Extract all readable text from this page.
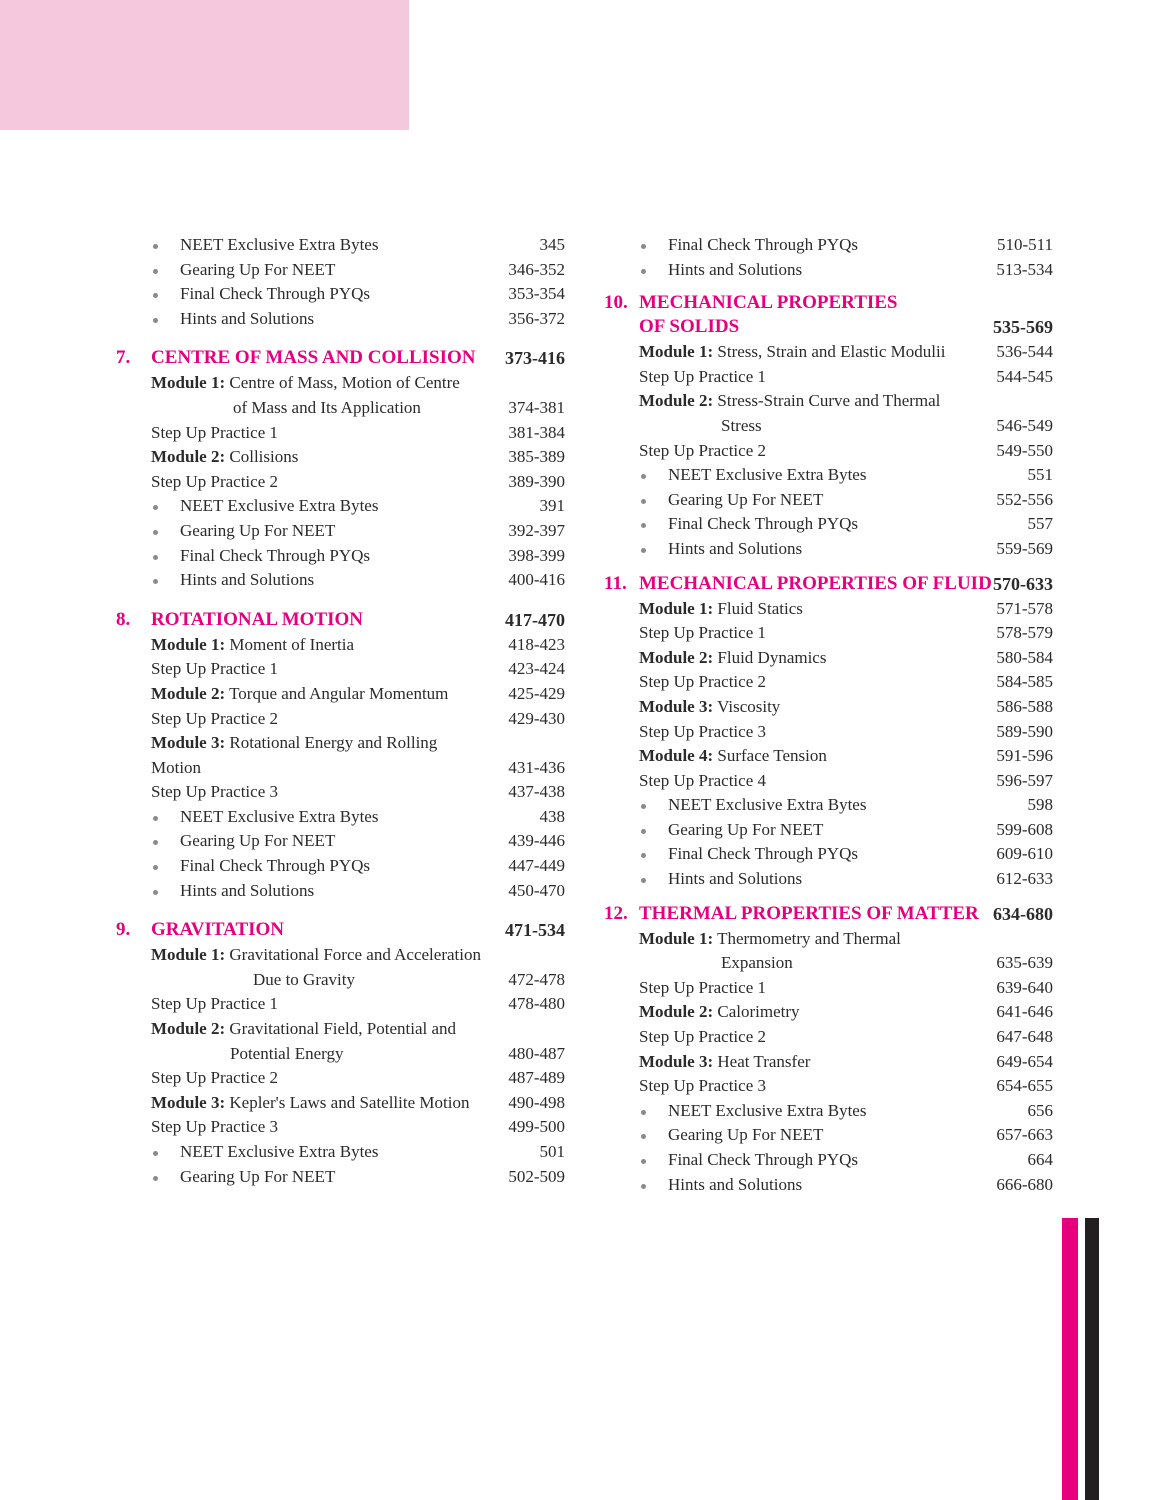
NEET Exclusive Extra Bytes	345
Gearing Up For NEET	346-352
Final Check Through PYQs	353-354
Hints and Solutions	356-372
7. CENTRE OF MASS AND COLLISION 373-416
Module 1: Centre of Mass, Motion of Centre
of Mass and Its Application	374-381
Step Up Practice 1	381-384
Module 2: Collisions	385-389
Step Up Practice 2	389-390
NEET Exclusive Extra Bytes	391
Gearing Up For NEET	392-397
Final Check Through PYQs	398-399
Hints and Solutions	400-416
8. ROTATIONAL MOTION	417-470
Module 1: Moment of Inertia	418-423
Step Up Practice 1	423-424
Module 2: Torque and Angular Momentum	425-429
Step Up Practice 2	429-430
Module 3: Rotational Energy and Rolling
Motion	431-436
Step Up Practice 3	437-438
NEET Exclusive Extra Bytes	438
Gearing Up For NEET	439-446
Final Check Through PYQs	447-449
Hints and Solutions	450-470
9. GRAVITATION	471-534
Module 1: Gravitational Force and Acceleration
Due to Gravity	472-478
Step Up Practice 1	478-480
Module 2: Gravitational Field, Potential and
Potential Energy	480-487
Step Up Practice 2	487-489
Module 3: Kepler's Laws and Satellite Motion 490-498
Step Up Practice 3	499-500
NEET Exclusive Extra Bytes	501
Gearing Up For NEET	502-509
Final Check Through PYQs	510-511
Hints and Solutions	513-534
10. MECHANICAL PROPERTIES
OF SOLIDS	535-569
Module 1: Stress, Strain and Elastic Modulii	536-544
Step Up Practice 1	544-545
Module 2: Stress-Strain Curve and Thermal
Stress	546-549
Step Up Practice 2	549-550
NEET Exclusive Extra Bytes	551
Gearing Up For NEET	552-556
Final Check Through PYQs	557
Hints and Solutions	559-569
11. MECHANICAL PROPERTIES OF FLUID 570-633
Module 1: Fluid Statics	571-578
Step Up Practice 1	578-579
Module 2: Fluid Dynamics	580-584
Step Up Practice 2	584-585
Module 3: Viscosity	586-588
Step Up Practice 3	589-590
Module 4: Surface Tension	591-596
Step Up Practice 4	596-597
NEET Exclusive Extra Bytes	598
Gearing Up For NEET	599-608
Final Check Through PYQs	609-610
Hints and Solutions	612-633
12. THERMAL PROPERTIES OF MATTER 634-680
Module 1: Thermometry and Thermal
Expansion	635-639
Step Up Practice 1	639-640
Module 2: Calorimetry	641-646
Step Up Practice 2	647-648
Module 3: Heat Transfer	649-654
Step Up Practice 3	654-655
NEET Exclusive Extra Bytes	656
Gearing Up For NEET	657-663
Final Check Through PYQs	664
Hints and Solutions	666-680
